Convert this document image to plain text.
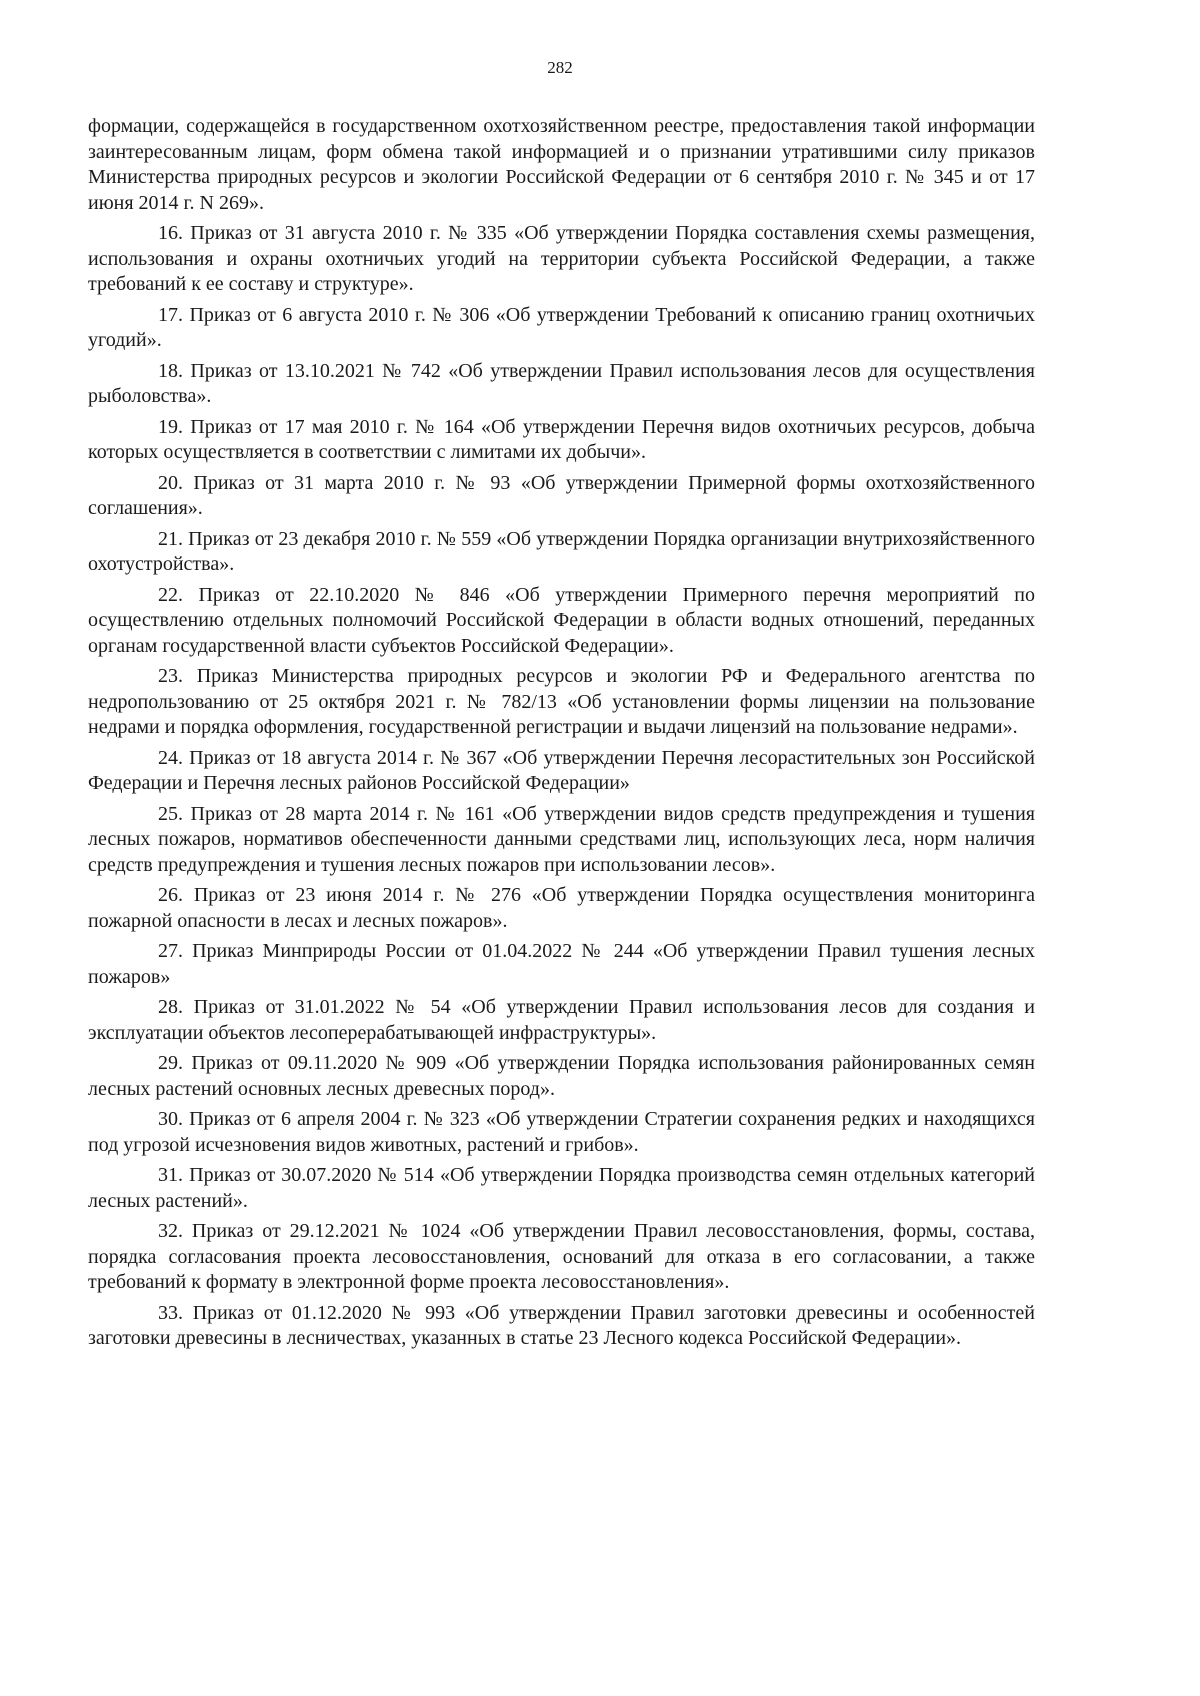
282

формации, содержащейся в государственном охотхозяйственном реестре, предоставления такой информации заинтересованным лицам, форм обмена такой информацией и о признании утратившими силу приказов Министерства природных ресурсов и экологии Российской Федерации от 6 сентября 2010 г. № 345 и от 17 июня 2014 г. N 269».

16. Приказ от 31 августа 2010 г. № 335 «Об утверждении Порядка составления схемы размещения, использования и охраны охотничьих угодий на территории субъекта Российской Федерации, а также требований к ее составу и структуре».

17. Приказ от 6 августа 2010 г. № 306 «Об утверждении Требований к описанию границ охотничьих угодий».

18. Приказ от 13.10.2021 № 742 «Об утверждении Правил использования лесов для осуществления рыболовства».

19. Приказ от 17 мая 2010 г. № 164 «Об утверждении Перечня видов охотничьих ресурсов, добыча которых осуществляется в соответствии с лимитами их добычи».

20. Приказ от 31 марта 2010 г. № 93 «Об утверждении Примерной формы охотхозяйственного соглашения».

21. Приказ от 23 декабря 2010 г. № 559 «Об утверждении Порядка организации внутрихозяйственного охотустройства».

22. Приказ от 22.10.2020 № 846 «Об утверждении Примерного перечня мероприятий по осуществлению отдельных полномочий Российской Федерации в области водных отношений, переданных органам государственной власти субъектов Российской Федерации».

23. Приказ Министерства природных ресурсов и экологии РФ и Федерального агентства по недропользованию от 25 октября 2021 г. № 782/13 «Об установлении формы лицензии на пользование недрами и порядка оформления, государственной регистрации и выдачи лицензий на пользование недрами».

24. Приказ от 18 августа 2014 г. № 367 «Об утверждении Перечня лесорастительных зон Российской Федерации и Перечня лесных районов Российской Федерации»

25. Приказ от 28 марта 2014 г. № 161 «Об утверждении видов средств предупреждения и тушения лесных пожаров, нормативов обеспеченности данными средствами лиц, использующих леса, норм наличия средств предупреждения и тушения лесных пожаров при использовании лесов».

26. Приказ от 23 июня 2014 г. № 276 «Об утверждении Порядка осуществления мониторинга пожарной опасности в лесах и лесных пожаров».

27. Приказ Минприроды России от 01.04.2022 № 244 «Об утверждении Правил тушения лесных пожаров»

28. Приказ от 31.01.2022 № 54 «Об утверждении Правил использования лесов для создания и эксплуатации объектов лесоперерабатывающей инфраструктуры».

29. Приказ от 09.11.2020 № 909 «Об утверждении Порядка использования районированных семян лесных растений основных лесных древесных пород».

30. Приказ от 6 апреля 2004 г. № 323 «Об утверждении Стратегии сохранения редких и находящихся под угрозой исчезновения видов животных, растений и грибов».

31. Приказ от 30.07.2020 № 514 «Об утверждении Порядка производства семян отдельных категорий лесных растений».

32. Приказ от 29.12.2021 № 1024 «Об утверждении Правил лесовосстановления, формы, состава, порядка согласования проекта лесовосстановления, оснований для отказа в его согласовании, а также требований к формату в электронной форме проекта лесовосстановления».

33. Приказ от 01.12.2020 № 993 «Об утверждении Правил заготовки древесины и особенностей заготовки древесины в лесничествах, указанных в статье 23 Лесного кодекса Российской Федерации».
